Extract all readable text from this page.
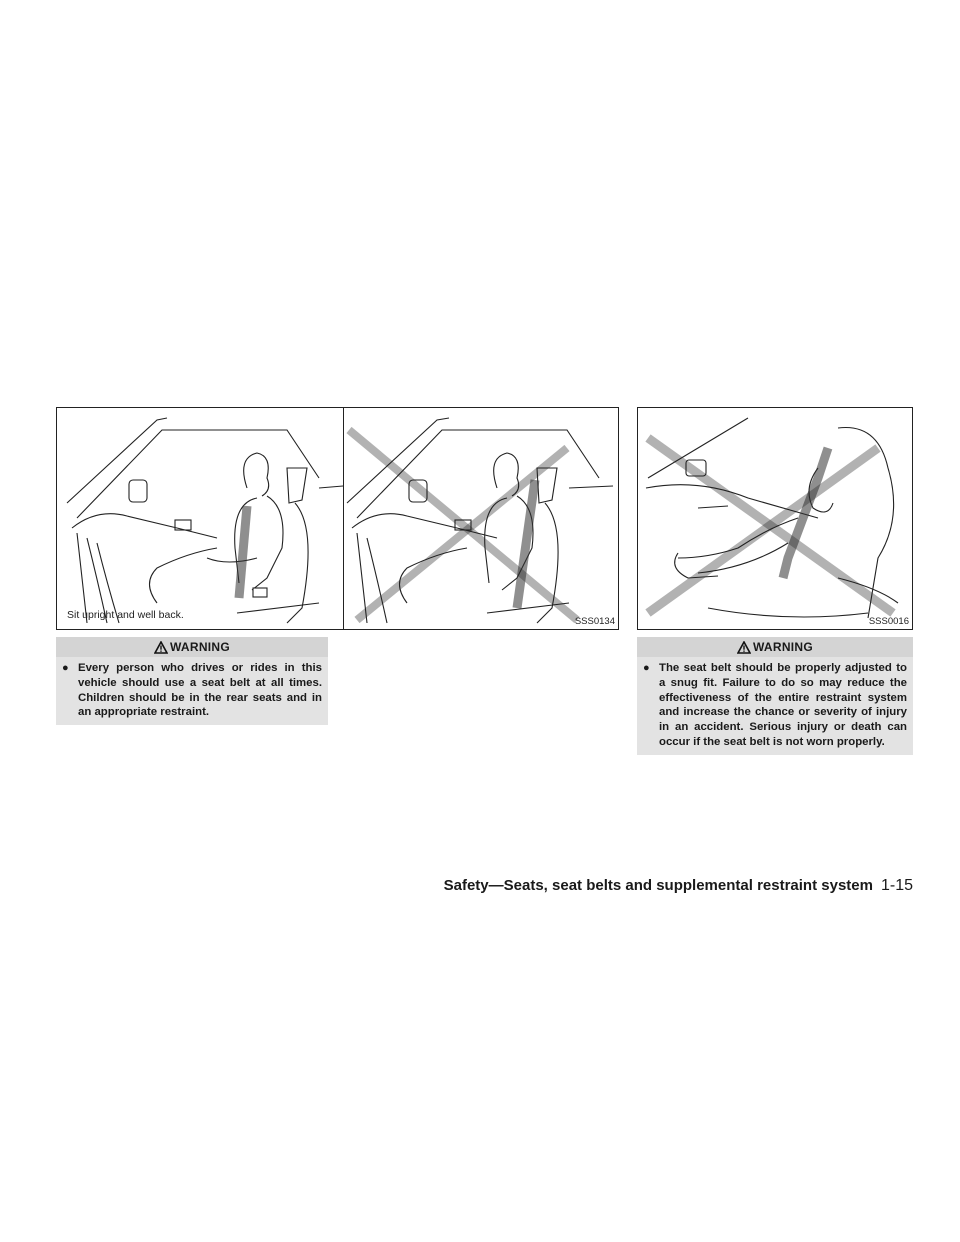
Sit upright and well back.
SSS0134	SSS0016
WARNING
● Every person who drives or rides in this vehicle should use a seat belt at all times. Children should be in the rear seats and in an appropriate restraint.
WARNING
● The seat belt should be properly adjusted to a snug fit. Failure to do so may reduce the effectiveness of the entire restraint system and increase the chance or severity of injury in an accident. Serious injury or death can occur if the seat belt is not worn properly.
Safety—Seats, seat belts and supplemental restraint system 1-15
